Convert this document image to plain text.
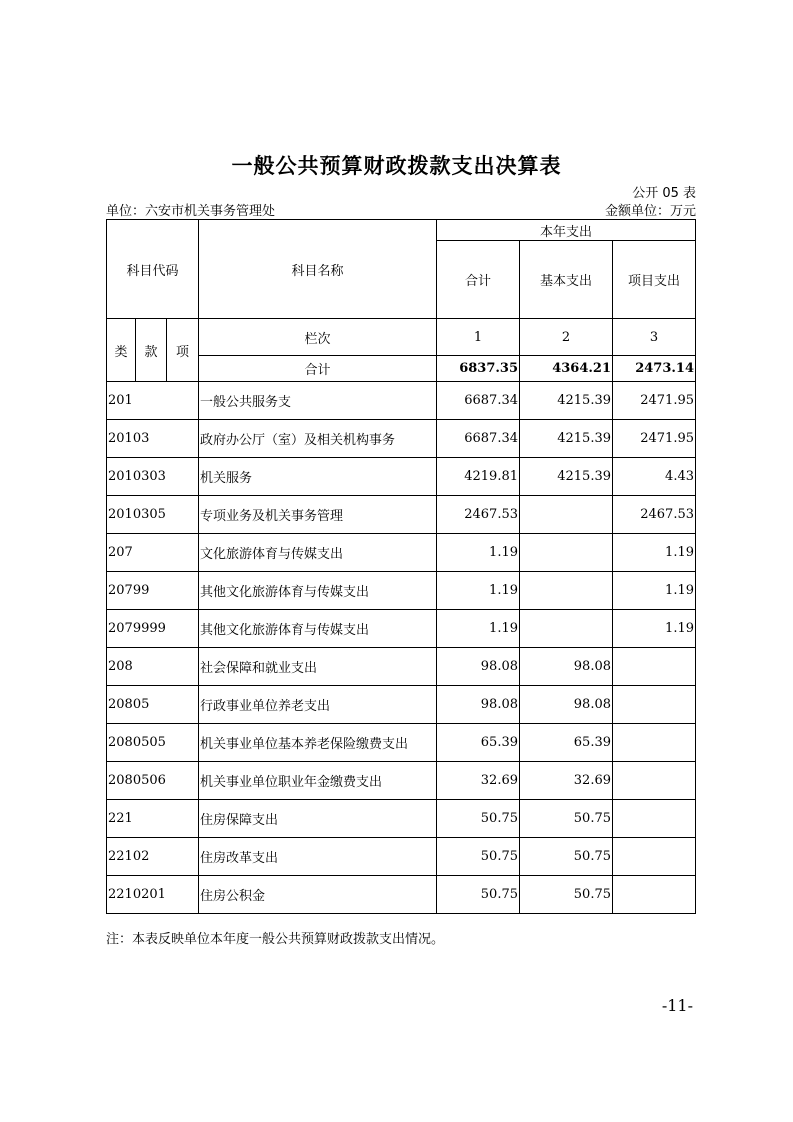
一般公共预算财政拨款支出决算表
公开 05 表
单位：六安市机关事务管理处	金额单位：万元
科目代码			科目名称	本年支出		
				合计	基本支出	项目支出
类	款	项	栏次	1	2	3
			合计	6837.35	4364.21	2473.14
201			一般公共服务支	6687.34	4215.39	2471.95
20103			政府办公厅（室）及相关机构事务	6687.34	4215.39	2471.95
2010303			机关服务	4219.81	4215.39	4.43
2010305			专项业务及机关事务管理	2467.53		2467.53
207			文化旅游体育与传媒支出	1.19		1.19
20799			其他文化旅游体育与传媒支出	1.19		1.19
2079999			其他文化旅游体育与传媒支出	1.19		1.19
208			社会保障和就业支出	98.08	98.08	
20805			行政事业单位养老支出	98.08	98.08	
2080505			机关事业单位基本养老保险缴费支出	65.39	65.39	
2080506			机关事业单位职业年金缴费支出	32.69	32.69	
221			住房保障支出	50.75	50.75	
22102			住房改革支出	50.75	50.75	
2210201			住房公积金	50.75	50.75	
注：本表反映单位本年度一般公共预算财政拨款支出情况。
-11-
